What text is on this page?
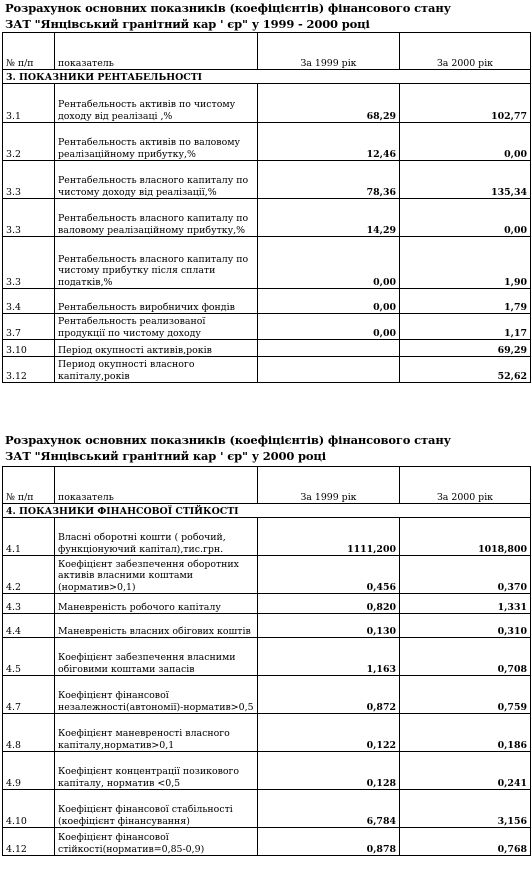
Розрахунок основних показників (коефіцієнтів) фінансового стану
ЗАТ "Янцівський гранітний кар ' єр" у 1999 - 2000 році
№ п/п	показатель	За 1999 рік	За 2000 рік
3. ПОКАЗНИКИ РЕНТАБЕЛЬНОСТІ			
3.1	Рентабельность активів по чистому доходу від реалізаці ,%	68,29	102,77
3.2	Рентабельность активів по валовому реалізаційному прибутку,%	12,46	0,00
3.3	Рентабельность власного капиталу по чистому доходу від реалізації,%	78,36	135,34
3.3	Рентабельность власного капиталу по валовому реалізаційному прибутку,%	14,29	0,00
3.3	Рентабельность власного капиталу по чистому прибутку після сплати податків,%	0,00	1,90
3.4	Рентабельность виробничих фондів	0,00	1,79
3.7	Рентабельность реализованої продукції по чистому доходу	0,00	1,17
3.10	Період окупності активів,років		69,29
3.12	Период окупності власного капіталу,років		52,62
Розрахунок основних показників (коефіцієнтів) фінансового стану
ЗАТ "Янцівський гранітний кар ' єр" у 2000 році
№ п/п	показатель	За 1999 рік	За 2000 рік
4. ПОКАЗНИКИ ФІНАНСОВОЇ СТІЙКОСТІ			
4.1	Власні оборотні кошти ( робочий, функціонуючий капітал),тис.грн.	1111,200	1018,800
4.2	Коефіцієнт забезпечення оборотних активів власними коштами (норматив>0,1)	0,456	0,370
4.3	Маневреність робочого капіталу	0,820	1,331
4.4	Маневреність власних обігових коштів	0,130	0,310
4.5	Коефіцієнт забезпечення власними обіговими коштами запасів	1,163	0,708
4.7	Коефіцієнт фінансової незалежності(автономії)-норматив>0,5	0,872	0,759
4.8	Коефіцієнт маневреності власного капіталу,норматив>0,1	0,122	0,186
4.9	Коефіцієнт концентрації позикового капіталу, норматив <0,5	0,128	0,241
4.10	Коефіцієнт фінансової стабільності (коефіцієнт фінансування)	6,784	3,156
4.12	Коефіцієнт фінансової стійкості(норматив=0,85-0,9)	0,878	0,768
